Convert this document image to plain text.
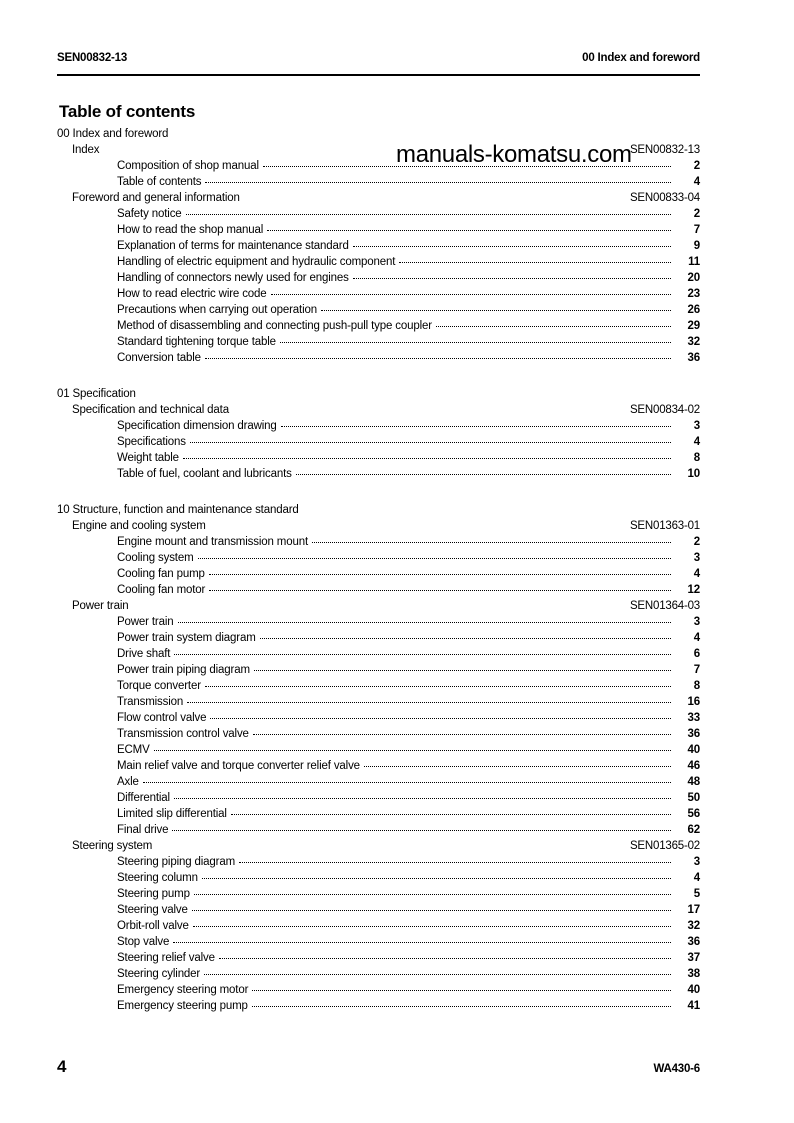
SEN00832-13	00 Index and foreword
Table of contents
00 Index and foreword
Index	SEN00832-13
Composition of shop manual	2
Table of contents	4
Foreword and general information	SEN00833-04
Safety notice	2
How to read the shop manual	7
Explanation of terms for maintenance standard	9
Handling of electric equipment and hydraulic component	11
Handling of connectors newly used for engines	20
How to read electric wire code	23
Precautions when carrying out operation	26
Method of disassembling and connecting push-pull type coupler	29
Standard tightening torque table	32
Conversion table	36
01 Specification
Specification and technical data	SEN00834-02
Specification dimension drawing	3
Specifications	4
Weight table	8
Table of fuel, coolant and lubricants	10
10 Structure, function and maintenance standard
Engine and cooling system	SEN01363-01
Engine mount and transmission mount	2
Cooling system	3
Cooling fan pump	4
Cooling fan motor	12
Power train	SEN01364-03
Power train	3
Power train system diagram	4
Drive shaft	6
Power train piping diagram	7
Torque converter	8
Transmission	16
Flow control valve	33
Transmission control valve	36
ECMV	40
Main relief valve and torque converter relief valve	46
Axle	48
Differential	50
Limited slip differential	56
Final drive	62
Steering system	SEN01365-02
Steering piping diagram	3
Steering column	4
Steering pump	5
Steering valve	17
Orbit-roll valve	32
Stop valve	36
Steering relief valve	37
Steering cylinder	38
Emergency steering motor	40
Emergency steering pump	41
manuals-komatsu.com
4	WA430-6
